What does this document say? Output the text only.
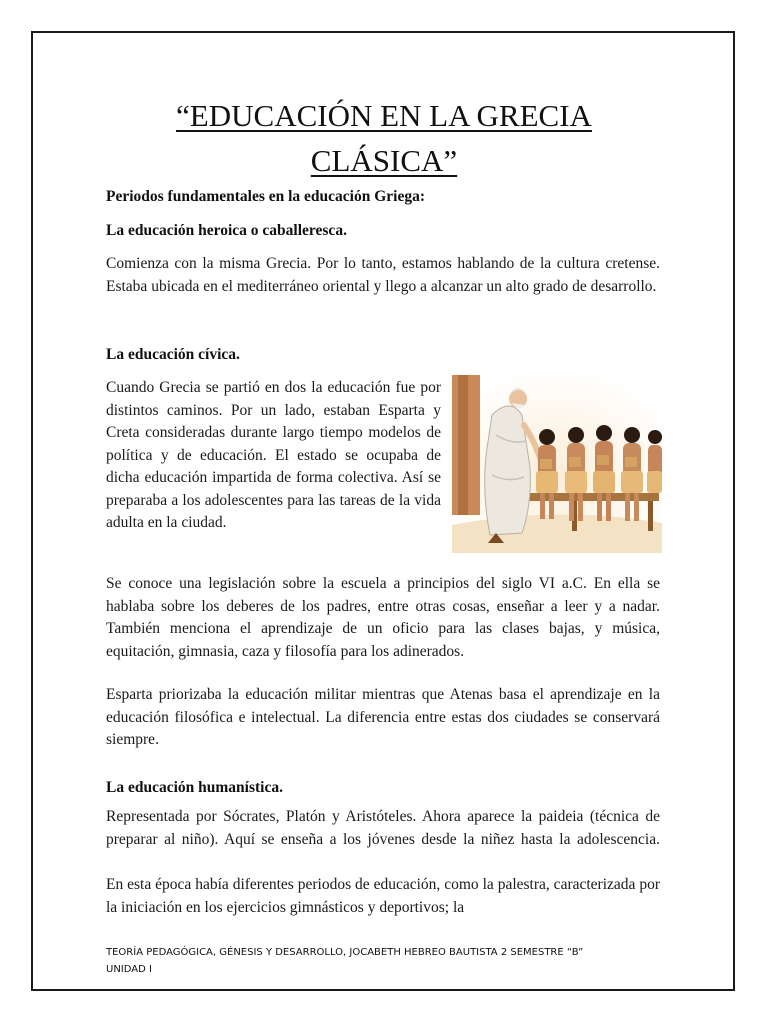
“EDUCACIÓN EN LA GRECIA
CLÁSICA”

Periodos fundamentales en la educación Griega:

La educación heroica o caballeresca.

Comienza con la misma Grecia. Por lo tanto, estamos hablando de la cultura cretense. Estaba ubicada en el mediterráneo oriental y llego a alcanzar un alto grado de desarrollo.

La educación cívica.

Cuando Grecia se partió en dos la educación fue por distintos caminos. Por un lado, estaban Esparta y Creta consideradas durante largo tiempo modelos de política y de educación. El estado se ocupaba de dicha educación impartida de forma colectiva. Así se preparaba a los adolescentes para las tareas de la vida adulta en la ciudad.

Se conoce una legislación sobre la escuela a principios del siglo VI a.C. En ella se hablaba sobre los deberes de los padres, entre otras cosas, enseñar a leer y a nadar. También menciona el aprendizaje de un oficio para las clases bajas, y música, equitación, gimnasia, caza y filosofía para los adinerados.

Esparta priorizaba la educación militar mientras que Atenas basa el aprendizaje en la educación filosófica e intelectual. La diferencia entre estas dos ciudades se conservará siempre.

La educación humanística.

Representada por Sócrates, Platón y Aristóteles. Ahora aparece la paideia (técnica de preparar al niño). Aquí se enseña a los jóvenes desde la niñez hasta la adolescencia.

En esta época había diferentes periodos de educación, como la palestra, caracterizada por la iniciación en los ejercicios gimnásticos y deportivos; la

TEORÍA PEDAGÓGICA, GÉNESIS Y DESARROLLO, JOCABETH HEBREO BAUTISTA 2 SEMESTRE “B”
UNIDAD I
